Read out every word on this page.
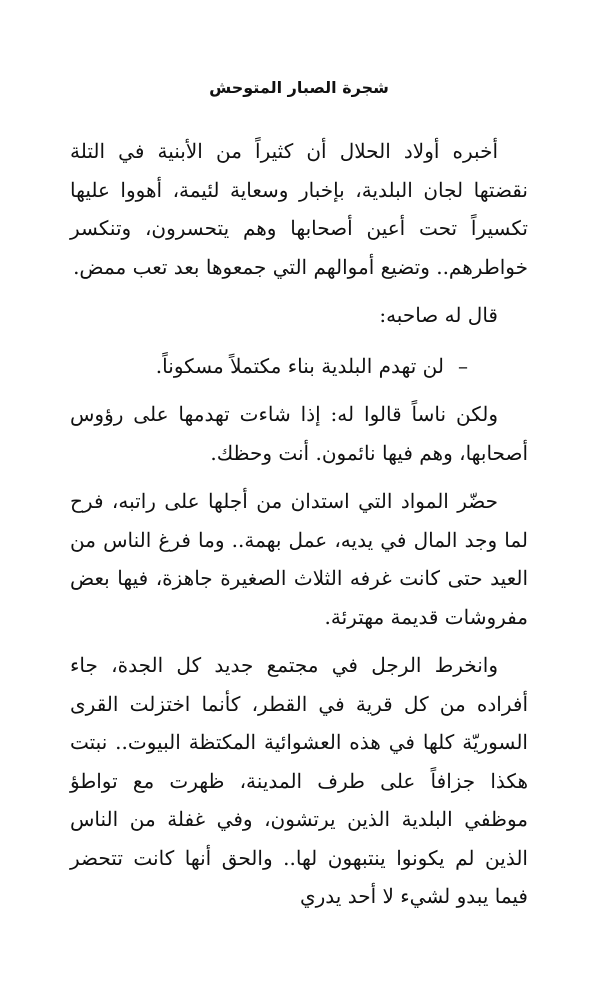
شجرة الصبار المتوحش

أخبره أولاد الحلال أن كثيراً من الأبنية في التلة نقضتها لجان البلدية، بإخبار وسعاية لئيمة، أهووا عليها تكسيراً تحت أعين أصحابها وهم يتحسرون، وتنكسر خواطرهم.. وتضيع أموالهم التي جمعوها بعد تعب ممض.

قال له صاحبه:

–لن تهدم البلدية بناء مكتملاً مسكوناً.

ولكن ناساً قالوا له: إذا شاءت تهدمها على رؤوس أصحابها، وهم فيها نائمون. أنت وحظك.

حضّر المواد التي استدان من أجلها على راتبه، فرح لما وجد المال في يديه، عمل بهمة.. وما فرغ الناس من العيد حتى كانت غرفه الثلاث الصغيرة جاهزة، فيها بعض مفروشات قديمة مهترئة.

وانخرط الرجل في مجتمع جديد كل الجدة، جاء أفراده من كل قرية في القطر، كأنما اختزلت القرى السوريّة كلها في هذه العشوائية المكتظة البيوت.. نبتت هكذا جزافاً على طرف المدينة، ظهرت مع تواطؤ موظفي البلدية الذين يرتشون، وفي غفلة من الناس الذين لم يكونوا ينتبهون لها.. والحق أنها كانت تتحضر فيما يبدو لشيء لا أحد يدري
